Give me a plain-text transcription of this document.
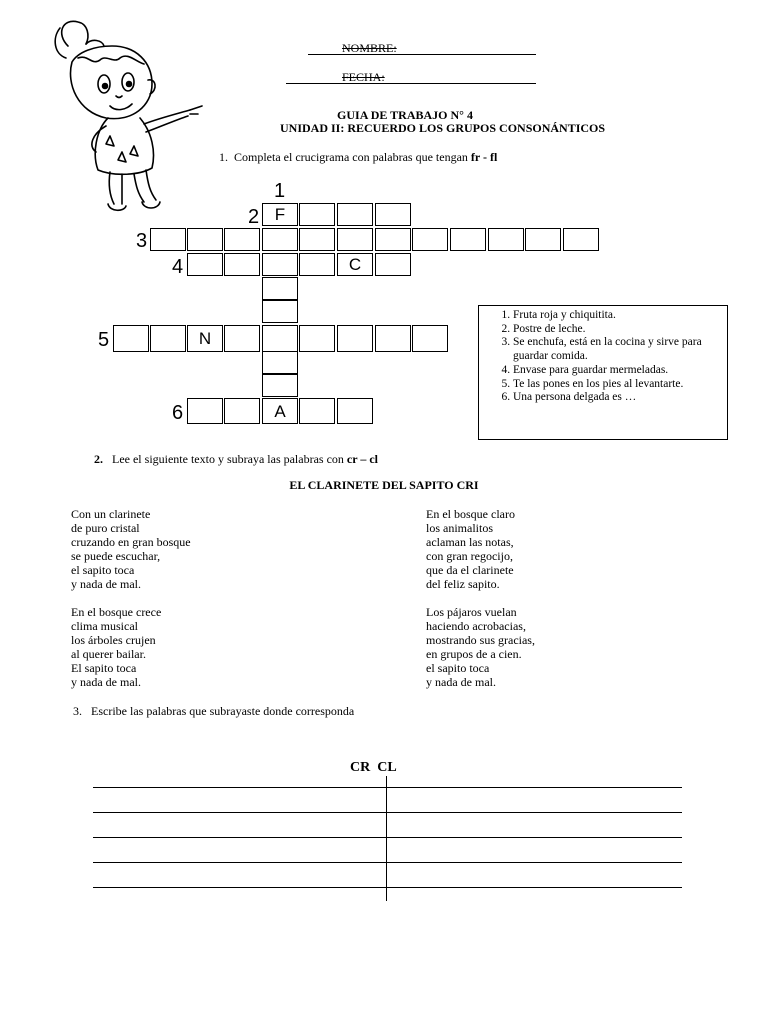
NOMBRE:
FECHA:
GUIA DE TRABAJO N° 4
UNIDAD II: RECUERDO LOS GRUPOS CONSONÁNTICOS
1. Completa el crucigrama con palabras que tengan fr - fl
1
2
3
4
5
6
F
C
N
A
1. Fruta roja y chiquitita.
2. Postre de leche.
3. Se enchufa, está en la cocina y sirve para guardar comida.
4. Envase para guardar mermeladas.
5. Te las pones en los pies al levantarte.
6. Una persona delgada es …
2. Lee el siguiente texto y subraya las palabras con cr – cl
EL CLARINETE DEL SAPITO CRI

Con un clarinete
de puro cristal
cruzando en gran bosque
se puede escuchar,
el sapito toca
y nada de mal.

En el bosque crece
clima musical
los árboles crujen
al querer bailar.
El sapito toca
y nada de mal.

En el bosque claro
los animalitos
aclaman las notas,
con gran regocijo,
que da el clarinete
del feliz sapito.

Los pájaros vuelan
haciendo acrobacias,
mostrando sus gracias,
en grupos de a cien.
el sapito toca
y nada de mal.

3. Escribe las palabras que subrayaste donde corresponda
CR CL
